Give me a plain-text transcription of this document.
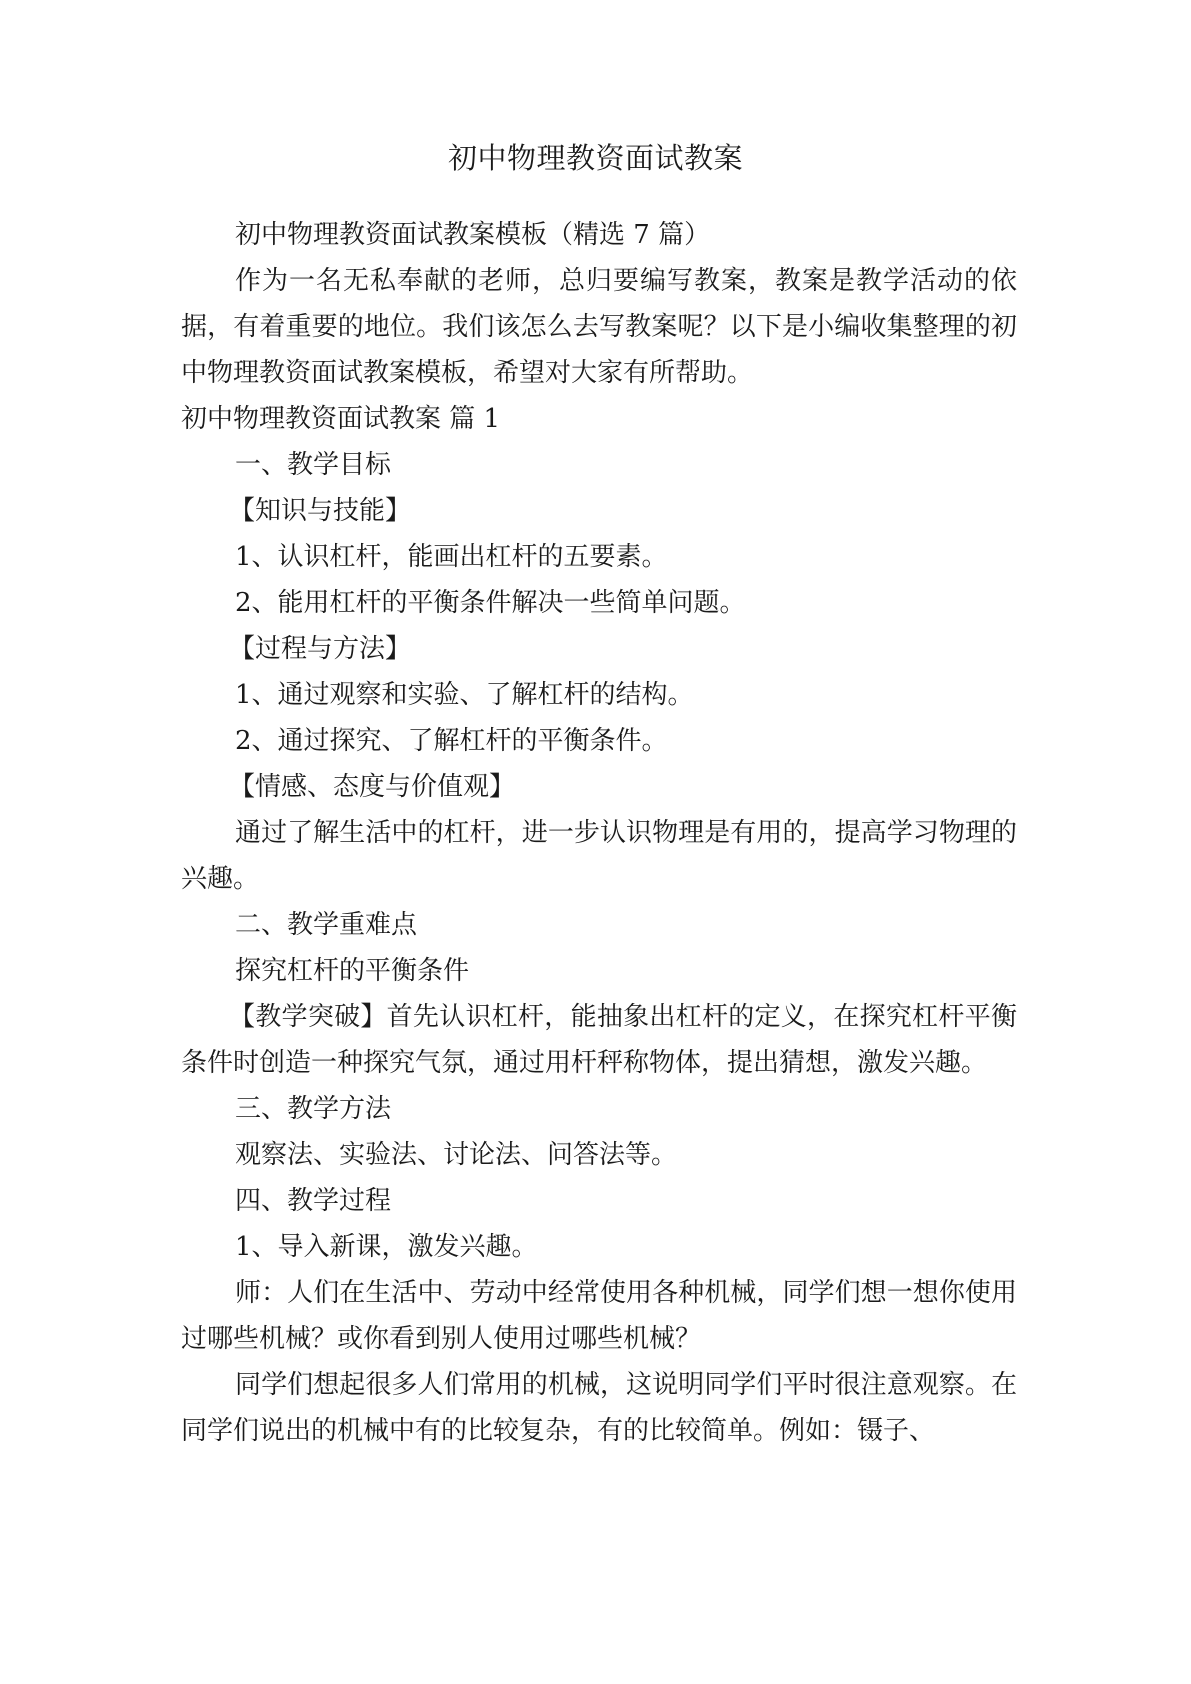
初中物理教资面试教案

初中物理教资面试教案模板（精选 7 篇）

作为一名无私奉献的老师，总归要编写教案，教案是教学活动的依据，有着重要的地位。我们该怎么去写教案呢？以下是小编收集整理的初中物理教资面试教案模板，希望对大家有所帮助。

初中物理教资面试教案 篇 1

一、教学目标

【知识与技能】

1、认识杠杆，能画出杠杆的五要素。

2、能用杠杆的平衡条件解决一些简单问题。

【过程与方法】

1、通过观察和实验、了解杠杆的结构。

2、通过探究、了解杠杆的平衡条件。

【情感、态度与价值观】

通过了解生活中的杠杆，进一步认识物理是有用的，提高学习物理的兴趣。

二、教学重难点

探究杠杆的平衡条件

【教学突破】首先认识杠杆，能抽象出杠杆的定义，在探究杠杆平衡条件时创造一种探究气氛，通过用杆秤称物体，提出猜想，激发兴趣。

三、教学方法

观察法、实验法、讨论法、问答法等。

四、教学过程

1、导入新课，激发兴趣。

师：人们在生活中、劳动中经常使用各种机械，同学们想一想你使用过哪些机械？或你看到别人使用过哪些机械？

同学们想起很多人们常用的机械，这说明同学们平时很注意观察。在同学们说出的机械中有的比较复杂，有的比较简单。例如：镊子、
